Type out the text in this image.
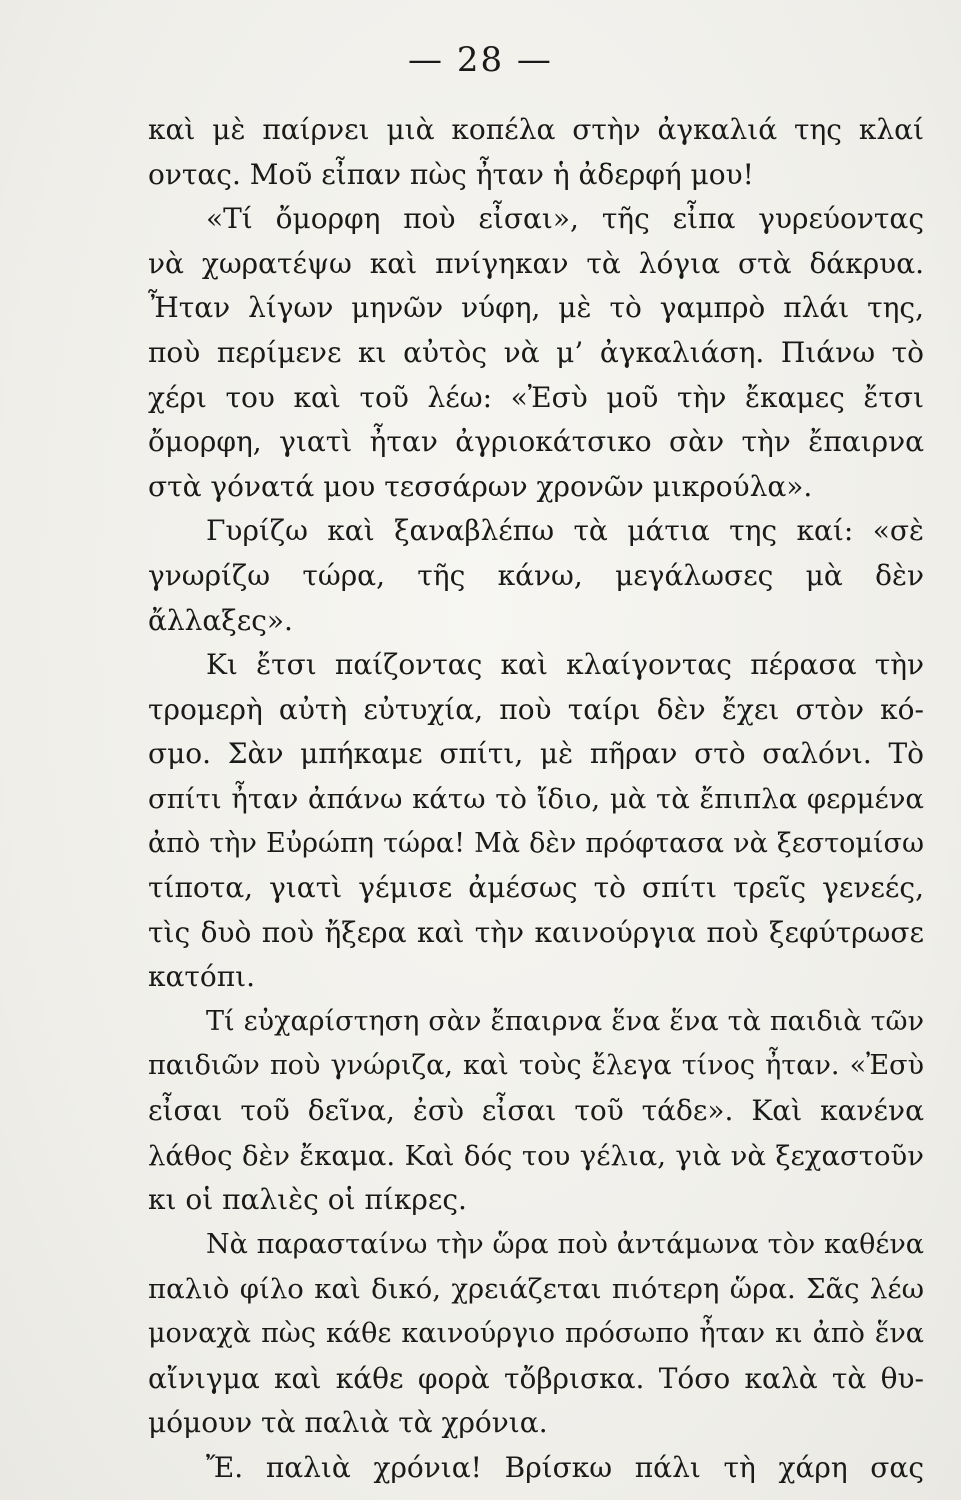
— 28 —
καὶ μὲ παίρνει μιὰ κοπέλα στὴν ἀγκαλιά της κλαί
οντας. Μοῦ εἶπαν πὼς ἦταν ἡ ἀδερφή μου!
«Τί ὄμορφη ποὺ εἶσαι», τῆς εἶπα γυρεύοντας
νὰ χωρατέψω καὶ πνίγηκαν τὰ λόγια στὰ δάκρυα.
Ἦταν λίγων μηνῶν νύφη, μὲ τὸ γαμπρὸ πλάι της,
ποὺ περίμενε κι αὐτὸς νὰ μ’ ἀγκαλιάση. Πιάνω τὸ
χέρι του καὶ τοῦ λέω: «Ἐσὺ μοῦ τὴν ἔκαμες ἔτσι
ὄμορφη, γιατὶ ἦταν ἀγριοκάτσικο σὰν τὴν ἔπαιρνα
στὰ γόνατά μου τεσσάρων χρονῶν μικρούλα».
Γυρίζω καὶ ξαναβλέπω τὰ μάτια της καί: «σὲ
γνωρίζω τώρα, τῆς κάνω, μεγάλωσες μὰ δὲν
ἄλλαξες».
Κι ἔτσι παίζοντας καὶ κλαίγοντας πέρασα τὴν
τρομερὴ αὐτὴ εὐτυχία, ποὺ ταίρι δὲν ἔχει στὸν κό-
σμο. Σὰν μπήκαμε σπίτι, μὲ πῆραν στὸ σαλόνι. Τὸ
σπίτι ἦταν ἀπάνω κάτω τὸ ἴδιο, μὰ τὰ ἔπιπλα φερμένα
ἀπὸ τὴν Εὐρώπη τώρα! Μὰ δὲν πρόφτασα νὰ ξεστομίσω
τίποτα, γιατὶ γέμισε ἀμέσως τὸ σπίτι τρεῖς γενεές,
τὶς δυὸ ποὺ ἤξερα καὶ τὴν καινούργια ποὺ ξεφύτρωσε
κατόπι.
Τί εὐχαρίστηση σὰν ἔπαιρνα ἕνα ἕνα τὰ παιδιὰ τῶν
παιδιῶν ποὺ γνώριζα, καὶ τοὺς ἔλεγα τίνος ἦταν. «Ἐσὺ
εἶσαι τοῦ δεῖνα, ἐσὺ εἶσαι τοῦ τάδε». Καὶ κανένα
λάθος δὲν ἔκαμα. Καὶ δός του γέλια, γιὰ νὰ ξεχαστοῦν
κι οἱ παλιὲς οἱ πίκρες.
Νὰ παρασταίνω τὴν ὥρα ποὺ ἀντάμωνα τὸν καθένα
παλιὸ φίλο καὶ δικό, χρειάζεται πιότερη ὥρα. Σᾶς λέω
μοναχὰ πὼς κάθε καινούργιο πρόσωπο ἦταν κι ἀπὸ ἕνα
αἴνιγμα καὶ κάθε φορὰ τὄβρισκα. Τόσο καλὰ τὰ θυ-
μόμουν τὰ παλιὰ τὰ χρόνια.
Ἔ. παλιὰ χρόνια! Βρίσκω πάλι τὴ χάρη σας
